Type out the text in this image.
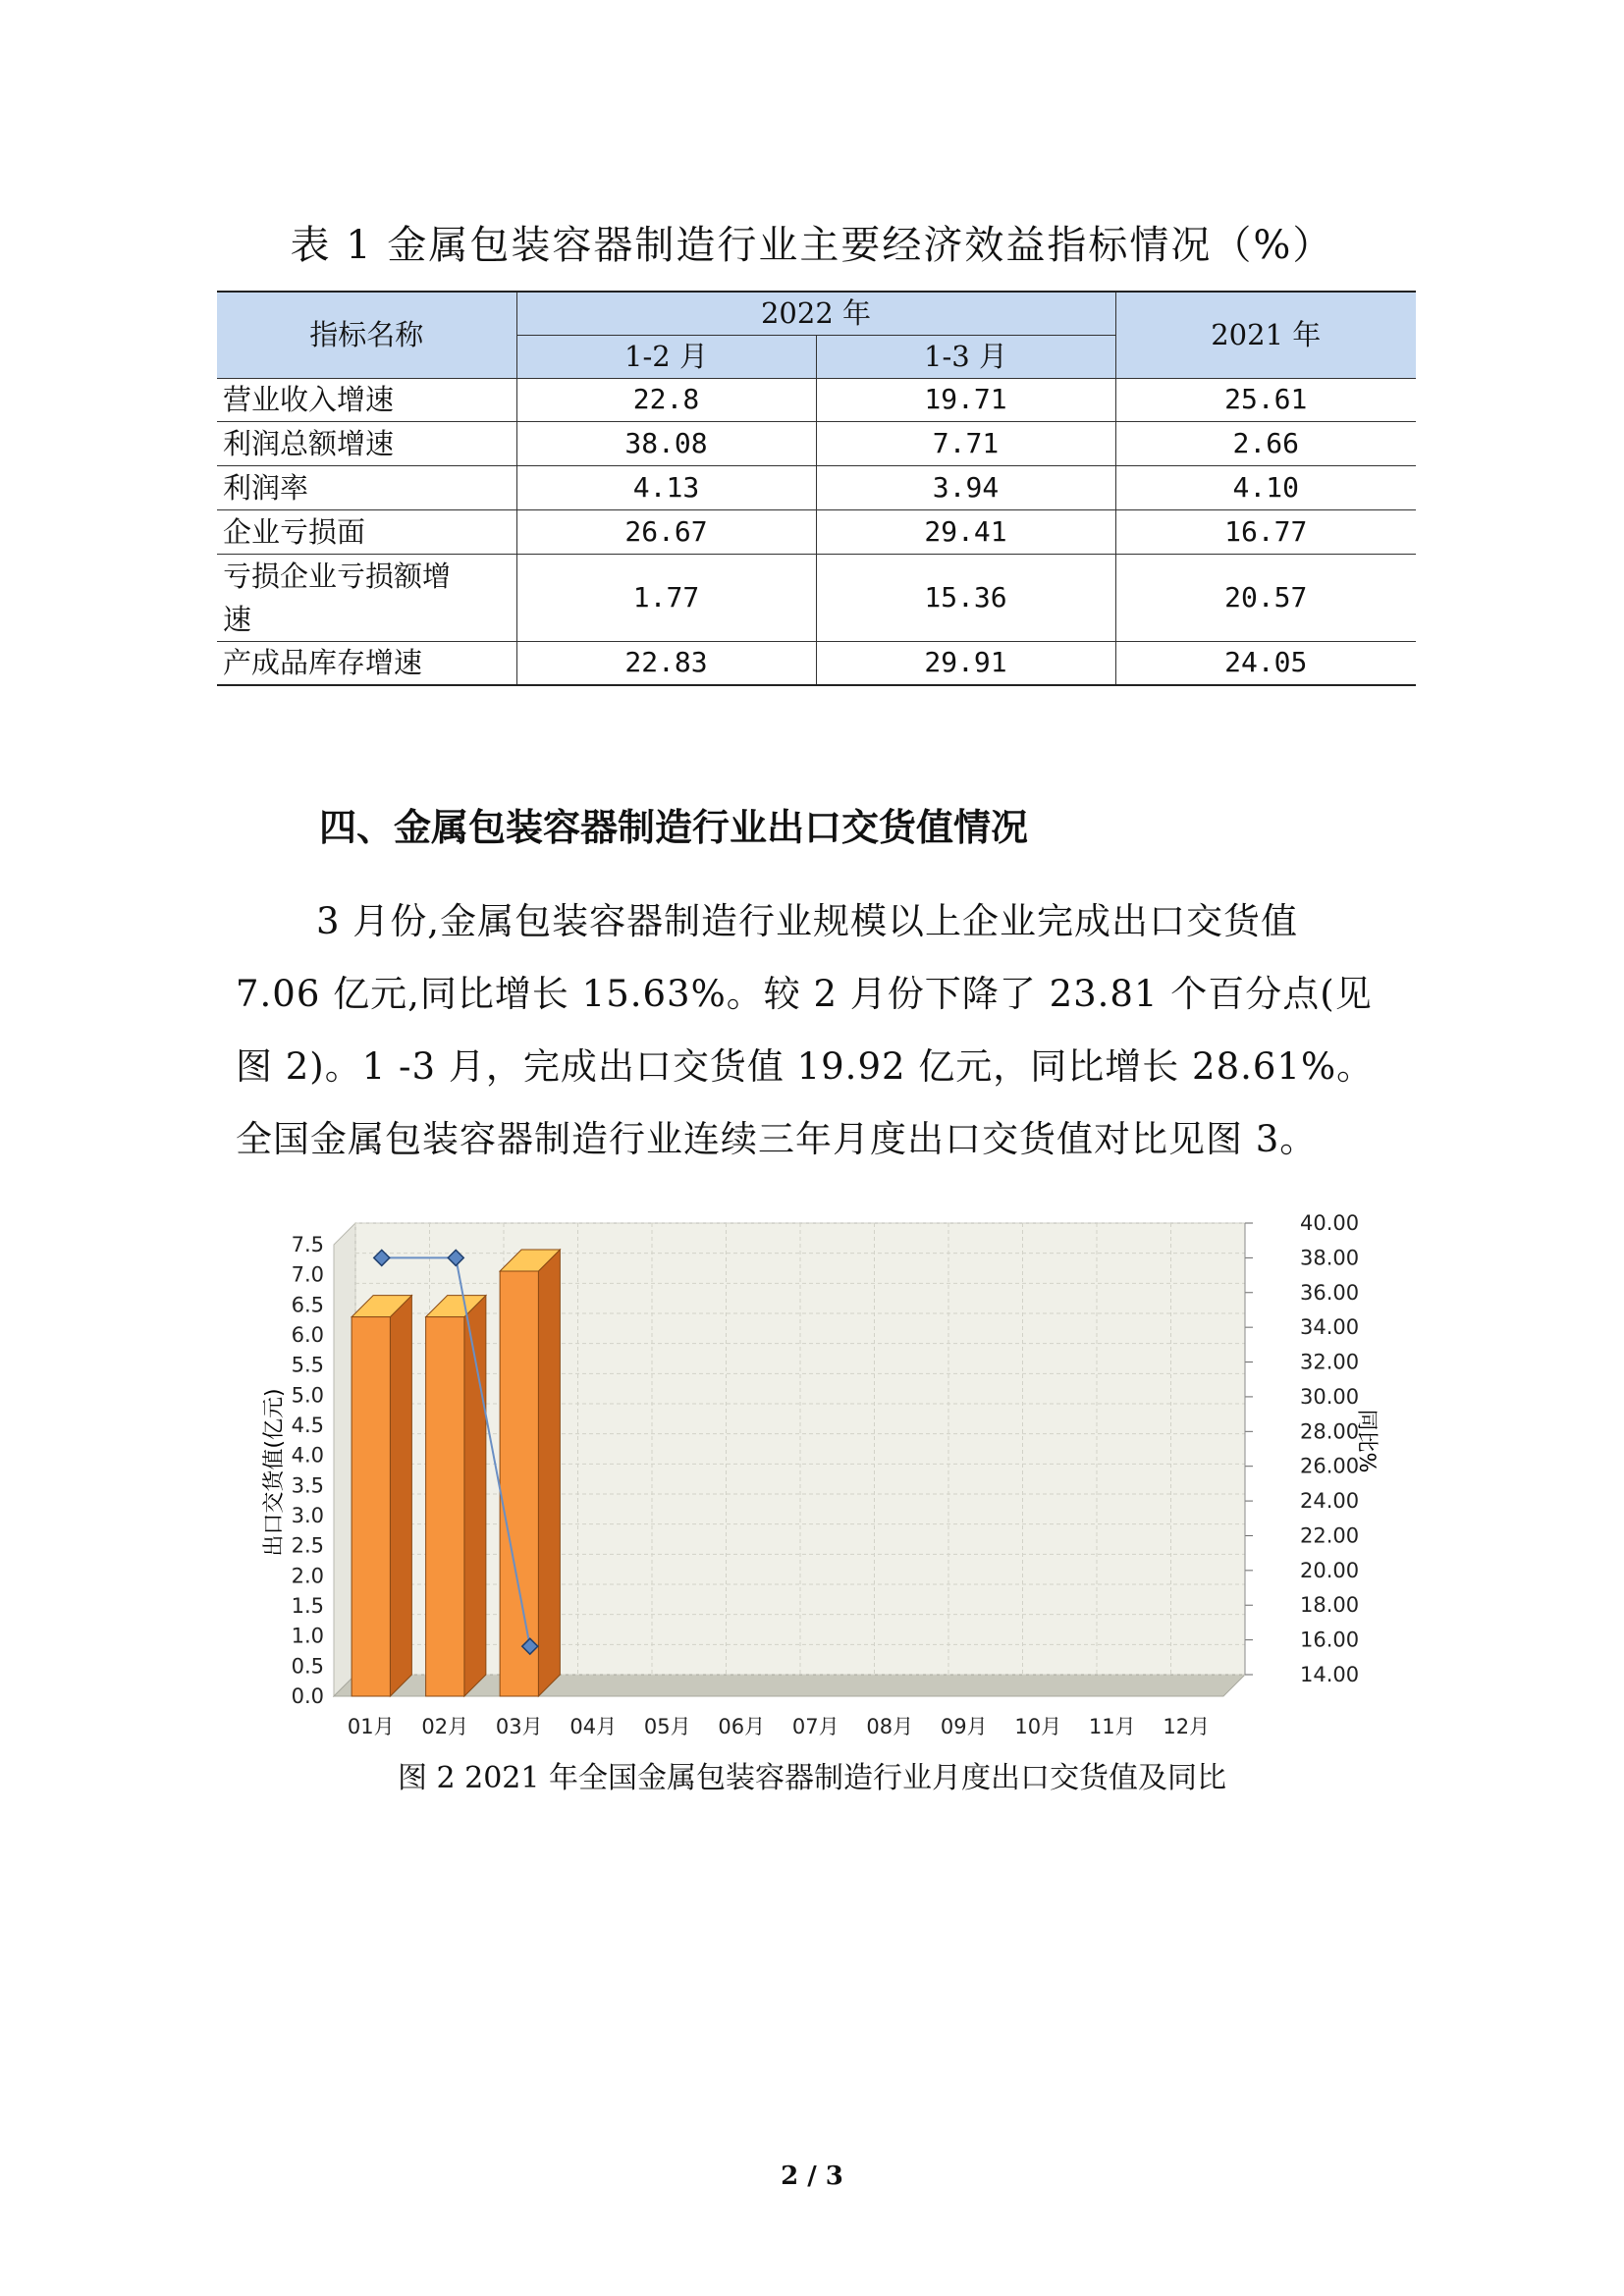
表 1 金属包装容器制造行业主要经济效益指标情况（%）
指标名称	2022 年		2021 年
	1-2 月	1-3 月	
营业收入增速	22.8	19.71	25.61
利润总额增速	38.08	7.71	2.66
利润率	4.13	3.94	4.10
企业亏损面	26.67	29.41	16.77
亏损企业亏损额增
速	1.77	15.36	20.57
产成品库存增速	22.83	29.91	24.05
四、金属包装容器制造行业出口交货值情况
3 月份,金属包装容器制造行业规模以上企业完成出口交货值
7.06 亿元,同比增长 15.63%。较 2 月份下降了 23.81 个百分点(见
图 2)。1 -3 月，完成出口交货值 19.92 亿元，同比增长 28.61%。
全国金属包装容器制造行业连续三年月度出口交货值对比见图 3。
0.0
0.5
1.0
1.5
2.0
2.5
3.0
3.5
4.0
4.5
5.0
5.5
6.0
6.5
7.0
7.5
14.00
16.00
18.00
20.00
22.00
24.00
26.00
28.00
30.00
32.00
34.00
36.00
38.00
40.00
01月 02月 03月 04月 05月 06月 07月 08月 09月 10月 11月 12月
出口交货值(亿元)	同比%
图 2 2021 年全国金属包装容器制造行业月度出口交货值及同比
2 / 3
